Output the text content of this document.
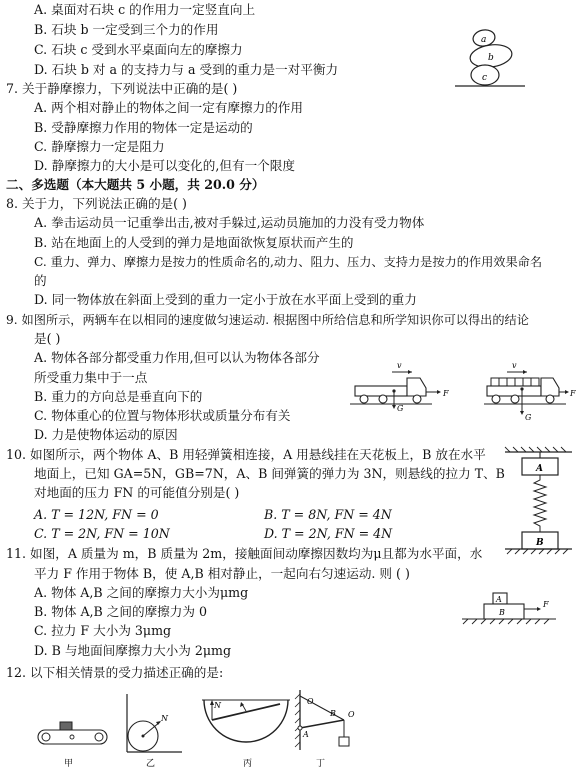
A. 桌面对石块 c 的作用力一定竖直向上
B. 石块 b 一定受到三个力的作用
C. 石块 c 受到水平桌面向左的摩擦力
D. 石块 b 对 a 的支持力与 a 受到的重力是一对平衡力
a
b
c
7. 关于静摩擦力，下列说法中正确的是( )
A. 两个相对静止的物体之间一定有摩擦力的作用
B. 受静摩擦力作用的物体一定是运动的
C. 静摩擦力一定是阻力
D. 静摩擦力的大小是可以变化的,但有一个限度
二、多选题（本大题共 5 小题，共 20.0 分）
8. 关于力，下列说法正确的是( )
A. 拳击运动员一记重拳出击,被对手躲过,运动员施加的力没有受力物体
B. 站在地面上的人受到的弹力是地面欲恢复原状而产生的
C. 重力、弹力、摩擦力是按力的性质命名的,动力、阻力、压力、支持力是按力的作用效果命名
的
D. 同一物体放在斜面上受到的重力一定小于放在水平面上受到的重力
9. 如图所示，两辆车在以相同的速度做匀速运动. 根据图中所给信息和所学知识你可以得出的结论
是( )
A. 物体各部分都受重力作用,但可以认为物体各部分
所受重力集中于一点
B. 重力的方向总是垂直向下的
C. 物体重心的位置与物体形状或质量分布有关
D. 力是使物体运动的原因
v
F
G
v
F
G
10. 如图所示，两个物体 A、B 用轻弹簧相连接，A 用悬线挂在天花板上，B 放在水平
地面上，已知 GA=5N，GB=7N，A、B 间弹簧的弹力为 3N，则悬线的拉力 T、B
对地面的压力 FN 的可能值分别是( )
A. T = 12N, FN = 0	B. T = 8N, FN = 4N
C. T = 2N, FN = 10N	D. T = 2N, FN = 4N
A
B
11. 如图，A 质量为 m，B 质量为 2m，接触面间动摩擦因数均为μ且都为水平面，水
平力 F 作用于物体 B，使 A,B 相对静止，一起向右匀速运动. 则 ( )
A. 物体 A,B 之间的摩擦力大小为μmg
B. 物体 A,B 之间的摩擦力为 0
C. 拉力 F 大小为 3μmg
D. B 与地面间摩擦力大小为 2μmg
A
B
F
12. 以下相关情景的受力描述正确的是:
甲
N
乙
N
丙
O
A
B O
丁
